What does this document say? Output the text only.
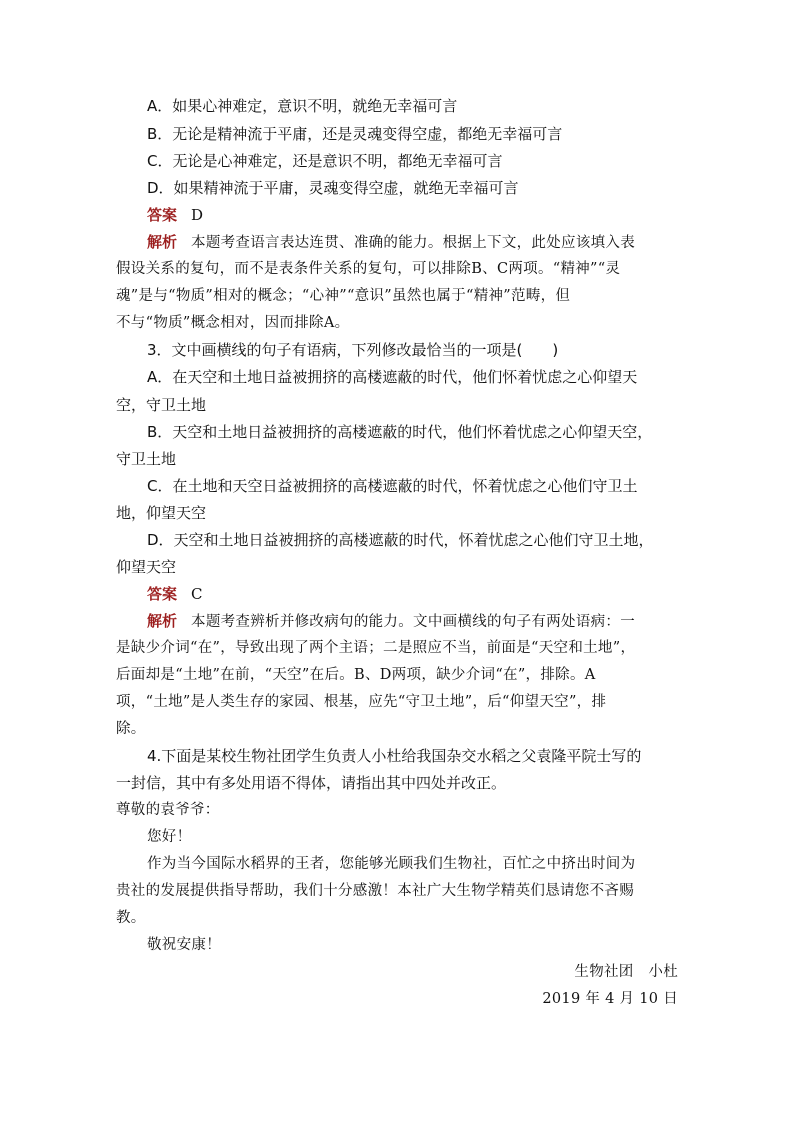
A．如果心神难定，意识不明，就绝无幸福可言
B．无论是精神流于平庸，还是灵魂变得空虚，都绝无幸福可言
C．无论是心神难定，还是意识不明，都绝无幸福可言
D．如果精神流于平庸，灵魂变得空虚，就绝无幸福可言
答案 D
解析 本题考查语言表达连贯、准确的能力。根据上下文，此处应该填入表
假设关系的复句，而不是表条件关系的复句，可以排除B、C两项。“精神”“灵
魂”是与“物质”相对的概念；“心神”“意识”虽然也属于“精神”范畴，但
不与“物质”概念相对，因而排除A。
3．文中画横线的句子有语病，下列修改最恰当的一项是(　　)
A．在天空和土地日益被拥挤的高楼遮蔽的时代，他们怀着忧虑之心仰望天
空，守卫土地
B．天空和土地日益被拥挤的高楼遮蔽的时代，他们怀着忧虑之心仰望天空，
守卫土地
C．在土地和天空日益被拥挤的高楼遮蔽的时代，怀着忧虑之心他们守卫土
地，仰望天空
D．天空和土地日益被拥挤的高楼遮蔽的时代，怀着忧虑之心他们守卫土地，
仰望天空
答案 C
解析 本题考查辨析并修改病句的能力。文中画横线的句子有两处语病：一
是缺少介词“在”，导致出现了两个主语；二是照应不当，前面是“天空和土地”，
后面却是“土地”在前，“天空”在后。B、D两项，缺少介词“在”，排除。A
项，“土地”是人类生存的家园、根基，应先“守卫土地”，后“仰望天空”，排
除。
4.下面是某校生物社团学生负责人小杜给我国杂交水稻之父袁隆平院士写的
一封信，其中有多处用语不得体，请指出其中四处并改正。
尊敬的袁爷爷：
您好！
作为当今国际水稻界的王者，您能够光顾我们生物社，百忙之中挤出时间为
贵社的发展提供指导帮助，我们十分感激！本社广大生物学精英们恳请您不吝赐
教。
敬祝安康！
生物社团　小杜
2019 年 4 月 10 日
